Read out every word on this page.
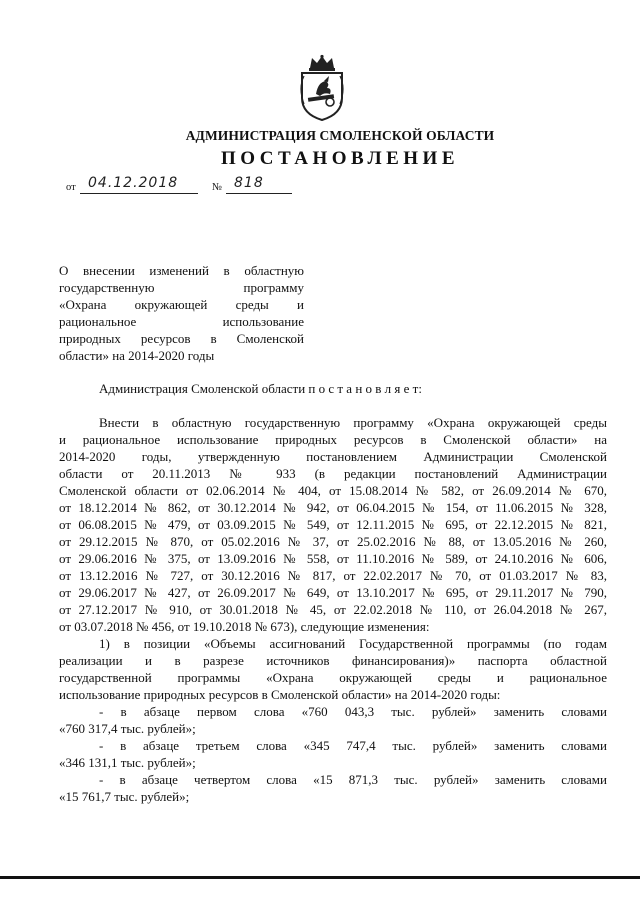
АДМИНИСТРАЦИЯ СМОЛЕНСКОЙ ОБЛАСТИ
ПОСТАНОВЛЕНИЕ
от 04.12.2018	№ 818
О внесении изменений в областную
государственную программу
«Охрана окружающей среды и
рациональное использование
природных ресурсов в Смоленской
области» на 2014-2020 годы
Администрация Смоленской области п о с т а н о в л я е т:
Внести в областную государственную программу «Охрана окружающей среды
и рациональное использование природных ресурсов в Смоленской области» на
2014-2020 годы, утвержденную постановлением Администрации Смоленской
области от 20.11.2013 № 933 (в редакции постановлений Администрации
Смоленской области от 02.06.2014 № 404, от 15.08.2014 № 582, от 26.09.2014 № 670,
от 18.12.2014 № 862, от 30.12.2014 № 942, от 06.04.2015 № 154, от 11.06.2015 № 328,
от 06.08.2015 № 479, от 03.09.2015 № 549, от 12.11.2015 № 695, от 22.12.2015 № 821,
от 29.12.2015 № 870, от 05.02.2016 № 37, от 25.02.2016 № 88, от 13.05.2016 № 260,
от 29.06.2016 № 375, от 13.09.2016 № 558, от 11.10.2016 № 589, от 24.10.2016 № 606,
от 13.12.2016 № 727, от 30.12.2016 № 817, от 22.02.2017 № 70, от 01.03.2017 № 83,
от 29.06.2017 № 427, от 26.09.2017 № 649, от 13.10.2017 № 695, от 29.11.2017 № 790,
от 27.12.2017 № 910, от 30.01.2018 № 45, от 22.02.2018 № 110, от 26.04.2018 № 267,
от 03.07.2018 № 456, от 19.10.2018 № 673), следующие изменения:
1) в позиции «Объемы ассигнований Государственной программы (по годам
реализации и в разрезе источников финансирования)» паспорта областной
государственной программы «Охрана окружающей среды и рациональное
использование природных ресурсов в Смоленской области» на 2014-2020 годы:
- в абзаце первом слова «760 043,3 тыс. рублей» заменить словами
«760 317,4 тыс. рублей»;
- в абзаце третьем слова «345 747,4 тыс. рублей» заменить словами
«346 131,1 тыс. рублей»;
- в абзаце четвертом слова «15 871,3 тыс. рублей» заменить словами
«15 761,7 тыс. рублей»;
